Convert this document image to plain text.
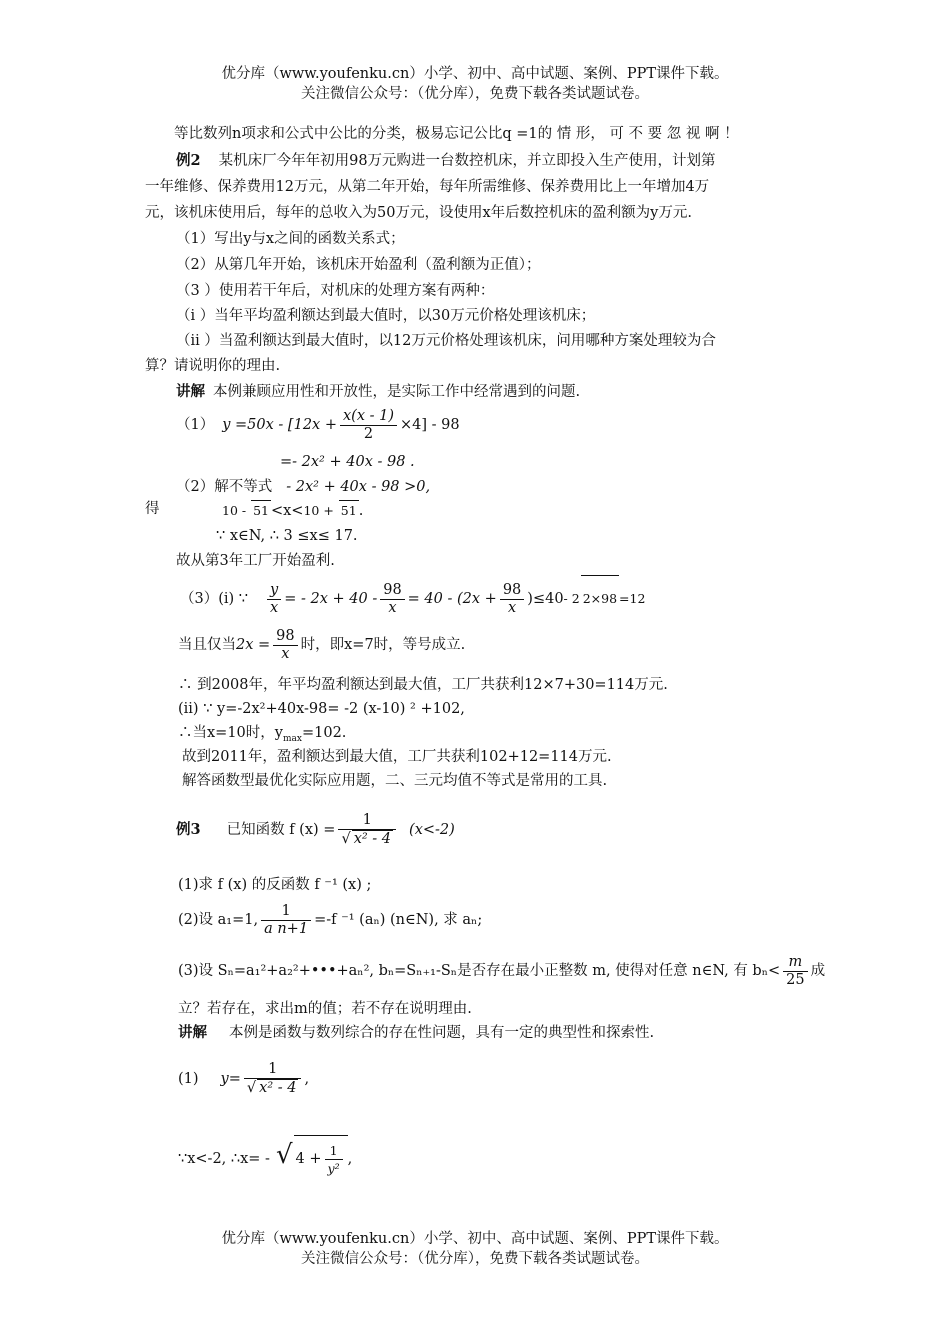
优分库（www.youfenku.cn）小学、初中、高中试题、案例、PPT课件下载。
关注微信公众号：（优分库），免费下载各类试题试卷。
等比数列n项求和公式中公比的分类，极易忘记公比q =1的 情 形， 可 不 要 忽 视 啊 ！
例2 某机床厂今年年初用98万元购进一台数控机床，并立即投入生产使用，计划第
一年维修、保养费用12万元，从第二年开始，每年所需维修、保养费用比上一年增加4万
元，该机床使用后，每年的总收入为50万元，设使用x年后数控机床的盈利额为y万元.
（1）写出y与x之间的函数关系式；
（2）从第几年开始，该机床开始盈利（盈利额为正值）；
（3 ）使用若干年后，对机床的处理方案有两种：
（i ）当年平均盈利额达到最大值时，以30万元价格处理该机床；
（ii ）当盈利额达到最大值时，以12万元价格处理该机床，问用哪种方案处理较为合
算？请说明你的理由.
讲解 本例兼顾应用性和开放性，是实际工作中经常遇到的问题.
（1） $y =50x - [12x + \frac{x(x - 1)}{2} \times 4] - 98$
=- 2x² + 40x - 98 .
（2）解不等式 - 2x² + 40x - 98 >0,
得	10 - 51 <x<10 + 51 .
∵ x∈N, ∴ 3 ≤x≤ 17.
故从第3年工厂开始盈利.
（3）(i) ∵ $\frac{y}{x}$ = - $2x + 40 - \frac{98}{x} = 40 - (2x + \frac{98}{x} )\le 40-$ 2 2×98 =12
当且仅当$2x = \frac{98}{x}$ 时，即x=7时，等号成立.
∴ 到2008年，年平均盈利额达到最大值，工厂共获利12×7+30=114万元.
(ii) ∵ y=-2x²+40x-98= -2 (x-10) ² +102,
∴当x=10时，$y_{max}=102$.
故到2011年，盈利额达到最大值，工厂共获利102+12=114万元.
解答函数型最优化实际应用题，二、三元均值不等式是常用的工具.
例3 已知函数 f $(x) = \frac{1}{\text{√ x² - 4}} (x<-2)$
(1)求 f (x) 的反函数 f ⁻¹ (x) ;
(2)设 a₁=1, $\frac{1}{\text{a n+1}} =-f$ ⁻¹ (aₙ) (n∈N), 求 aₙ;
(3)设 Sₙ=a₁²+a₂²+•••+aₙ², bₙ=Sₙ₊₁-Sₙ是否存在最小正整数 m, 使得对任意 n∈N, 有 $b_n< \frac{m}{25}$ 成
立？若存在，求出m的值；若不存在说明理由.
讲解 本例是函数与数列综合的存在性问题，具有一定的典型性和探索性.
(1) $y= \frac{1}{\text{√ x² - 4}}$ ,
∵x<-2, ∴x= - √ $4 + \frac{1}{\text{y²}}$ ,
优分库（www.youfenku.cn）小学、初中、高中试题、案例、PPT课件下载。
关注微信公众号：（优分库），免费下载各类试题试卷。
